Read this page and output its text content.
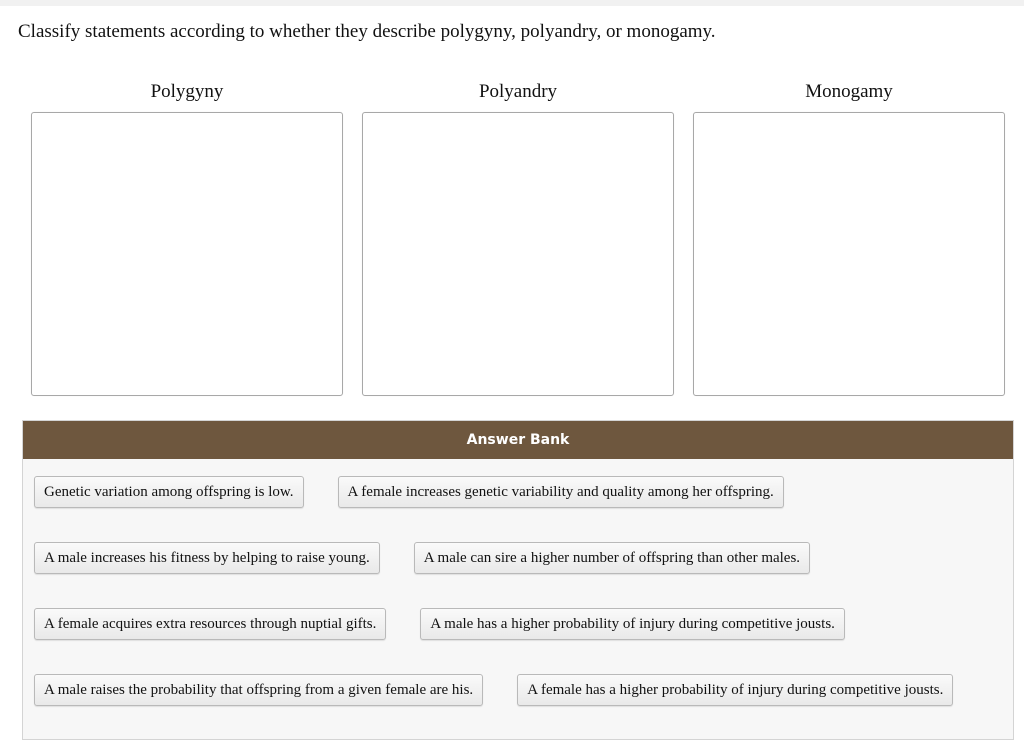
Classify statements according to whether they describe polygyny, polyandry, or monogamy.
Polygyny	Polyandry	Monogamy
Answer Bank
Genetic variation among offspring is low.	A female increases genetic variability and quality among her offspring.
A male increases his fitness by helping to raise young.	A male can sire a higher number of offspring than other males.
A female acquires extra resources through nuptial gifts.	A male has a higher probability of injury during competitive jousts.
A male raises the probability that offspring from a given female are his.	A female has a higher probability of injury during competitive jousts.
